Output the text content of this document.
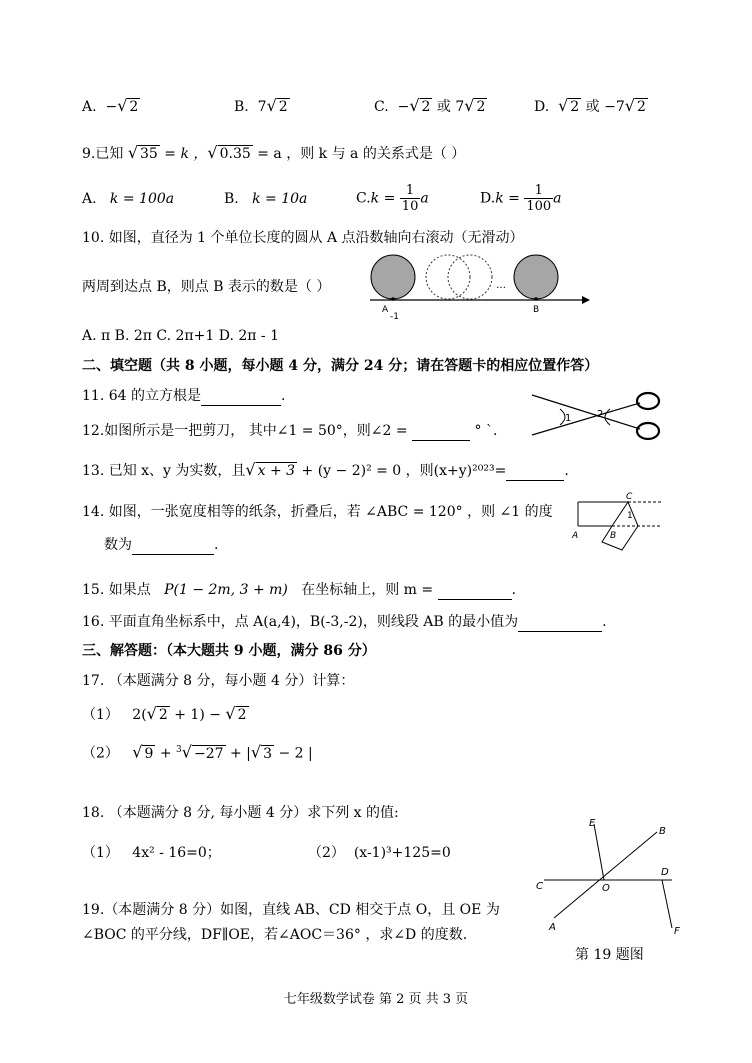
A. −√ 2	B. 7√ 2	C. −√ 2 或 7√ 2	D. √ 2 或 −7√ 2
9.已知 √ 35 = k ，√ 0.35 = a ，则 k 与 a 的关系式是（ ）
A. k = 100a	B. k = 10a	$C.k = \frac{1}{10}$ a	$D.k = \frac{1}{100}$ a
10. 如图，直径为 1 个单位长度的圆从 A 点沿数轴向右滚动（无滑动）
两周到达点 B，则点 B 表示的数是（ ）
A
-1
B
…
A. π B. 2π C. 2π+1 D. 2π - 1
二、填空题（共 8 小题，每小题 4 分，满分 24 分；请在答题卡的相应位置作答）
11. 64 的立方根是	.
12.如图所示是一把剪刀， 其中∠1 = 50°，则∠2 =	° `.
1	2
13. 已知 x、y 为实数，且√ x + 3 + (y − 2)² = 0 ，则(x+y)²⁰²³=	.
14. 如图，一张宽度相等的纸条，折叠后，若 ∠ABC = 120° ，则 ∠1 的度
数为	.
C
1
A	B
15. 如果点 P(1 − 2m, 3 + m) 在坐标轴上，则 m =	.
16. 平面直角坐标系中，点 A(a,4)，B(-3,-2)，则线段 AB 的最小值为	.
三、解答题：（本大题共 9 小题，满分 86 分）
17. （本题满分 8 分，每小题 4 分）计算：
（1） 2(√ 2 + 1) − √ 2
（2） √ 9 + $^3$√ −27 + |√ 3 − 2 |
18. （本题满分 8 分, 每小题 4 分）求下列 x 的值:
（1） 4x² - 16=0；	（2） (x-1)³+125=0
19.（本题满分 8 分）如图，直线 AB、CD 相交于点 O，且 OE 为
∠BOC 的平分线，DF∥OE，若∠AOC＝36° ，求∠D 的度数.
E
B
C	O
D
A	F
第 19 题图
七年级数学试卷 第 2 页 共 3 页
